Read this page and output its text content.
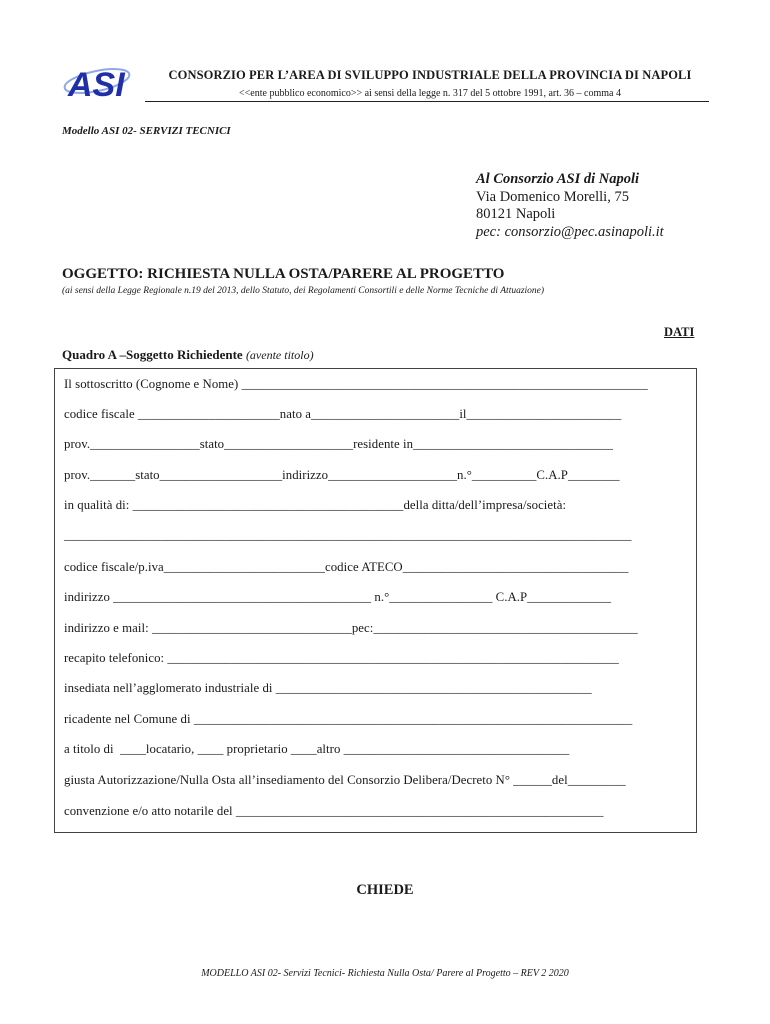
ASI	CONSORZIO PER L’AREA DI SVILUPPO INDUSTRIALE DELLA PROVINCIA DI NAPOLI
<<ente pubblico economico>> ai sensi della legge n. 317 del 5 ottobre 1991, art. 36 – comma 4
Modello ASI 02- SERVIZI TECNICI
Al Consorzio ASI di Napoli
Via Domenico Morelli, 75
80121 Napoli
pec: consorzio@pec.asinapoli.it
OGGETTO: RICHIESTA NULLA OSTA/PARERE AL PROGETTO
(ai sensi della Legge Regionale n.19 del 2013, dello Statuto, dei Regolamenti Consortili e delle Norme Tecniche di Attuazione)
DATI
Quadro A –Soggetto Richiedente (avente titolo)
Il sottoscritto (Cognome e Nome) _______________________________________________________________
codice fiscale ______________________nato a_______________________il________________________
prov._________________stato____________________residente in_______________________________
prov._______stato___________________indirizzo____________________n.°__________C.A.P________
in qualità di: __________________________________________della ditta/dell’impresa/società:
________________________________________________________________________________________
codice fiscale/p.iva_________________________codice ATECO___________________________________
indirizzo ________________________________________ n.°________________ C.A.P_____________
indirizzo e mail: _______________________________pec:_________________________________________
recapito telefonico: ______________________________________________________________________
insediata nell’agglomerato industriale di _________________________________________________
ricadente nel Comune di ____________________________________________________________________
a titolo di  ____locatario, ____ proprietario ____altro ___________________________________
giusta Autorizzazione/Nulla Osta all’insediamento del Consorzio Delibera/Decreto N° ______del_________
convenzione e/o atto notarile del _________________________________________________________
CHIEDE
MODELLO ASI 02- Servizi Tecnici- Richiesta Nulla Osta/ Parere al Progetto – REV 2 2020
